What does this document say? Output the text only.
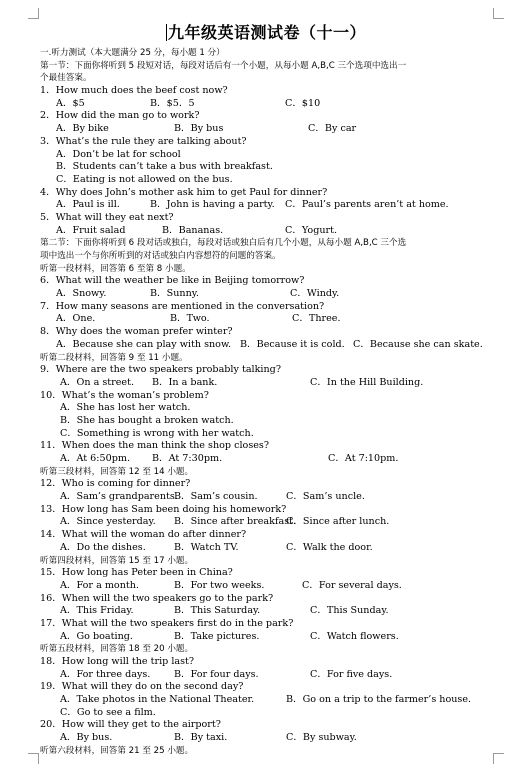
九年级英语测试卷（十一）
一.听力测试（本大题满分 25 分，每小题 1 分）
第一节：下面你将听到 5 段短对话，每段对话后有一个小题，从每小题 A,B,C 三个选项中选出一
个最佳答案。
1．How much does the beef cost now?
A．$5	B．$5．5	C．$10
2．How did the man go to work?
A．By bike	B．By bus	C．By car
3．What’s the rule they are talking about?
A．Don’t be lat for school
B．Students can’t take a bus with breakfast.
C．Eating is not allowed on the bus.
4．Why does John’s mother ask him to get Paul for dinner?
A．Paul is ill.	B．John is having a party. C．Paul’s parents aren’t at home.
5．What will they eat next?
A．Fruit salad	B．Bananas.	C．Yogurt.
第二节：下面你将听到 6 段对话或独白，每段对话或独白后有几个小题，从每小题 A,B,C 三个选
项中选出一个与你所听到的对话或独白内容想符的问题的答案。
听第一段材料，回答第 6 至第 8 小题。
6．What will the weather be like in Beijing tomorrow?
A．Snowy.	B．Sunny.	C．Windy.
7．How many seasons are mentioned in the conversation?
A．One.	B．Two.	C．Three.
8．Why does the woman prefer winter?
A．Because she can play with snow. B．Because it is cold. C．Because she can skate.
听第二段材料，回答第 9 至 11 小题。
9．Where are the two speakers probably talking?
A．On a street. B．In a bank.	C．In the Hill Building.
10．What’s the woman’s problem?
A．She has lost her watch.
B．She has bought a broken watch.
C．Something is wrong with her watch.
11．When does the man think the shop closes?
A．At 6:50pm. B．At 7:30pm.	C．At 7:10pm.
听第三段材料，回答第 12 至 14 小题。
12．Who is coming for dinner?
A．Sam’s grandparents.
B．Sam’s cousin.	C．Sam’s uncle.
13．How long has Sam been doing his homework?
A．Since yesterday. B．Since after breakfast.
C．Since after lunch.
14．What will the woman do after dinner?
A．Do the dishes.	B．Watch TV.	C．Walk the door.
听第四段材料，回答第 15 至 17 小题。
15．How long has Peter been in China?
A．For a month.	B．For two weeks.	C．For several days.
16．When will the two speakers go to the park?
A．This Friday.	B．This Saturday.	C．This Sunday.
17．What will the two speakers first do in the park?
A．Go boating.	B．Take pictures.	C．Watch flowers.
听第五段材料，回答第 18 至 20 小题。
18．How long will the trip last?
A．For three days. B．For four days.	C．For five days.
19．What will they do on the second day?
A．Take photos in the National Theater.	B．Go on a trip to the farmer’s house.
C．Go to see a film.
20．How will they get to the airport?
A．By bus.	B．By taxi.	C．By subway.
听第六段材料，回答第 21 至 25 小题。
